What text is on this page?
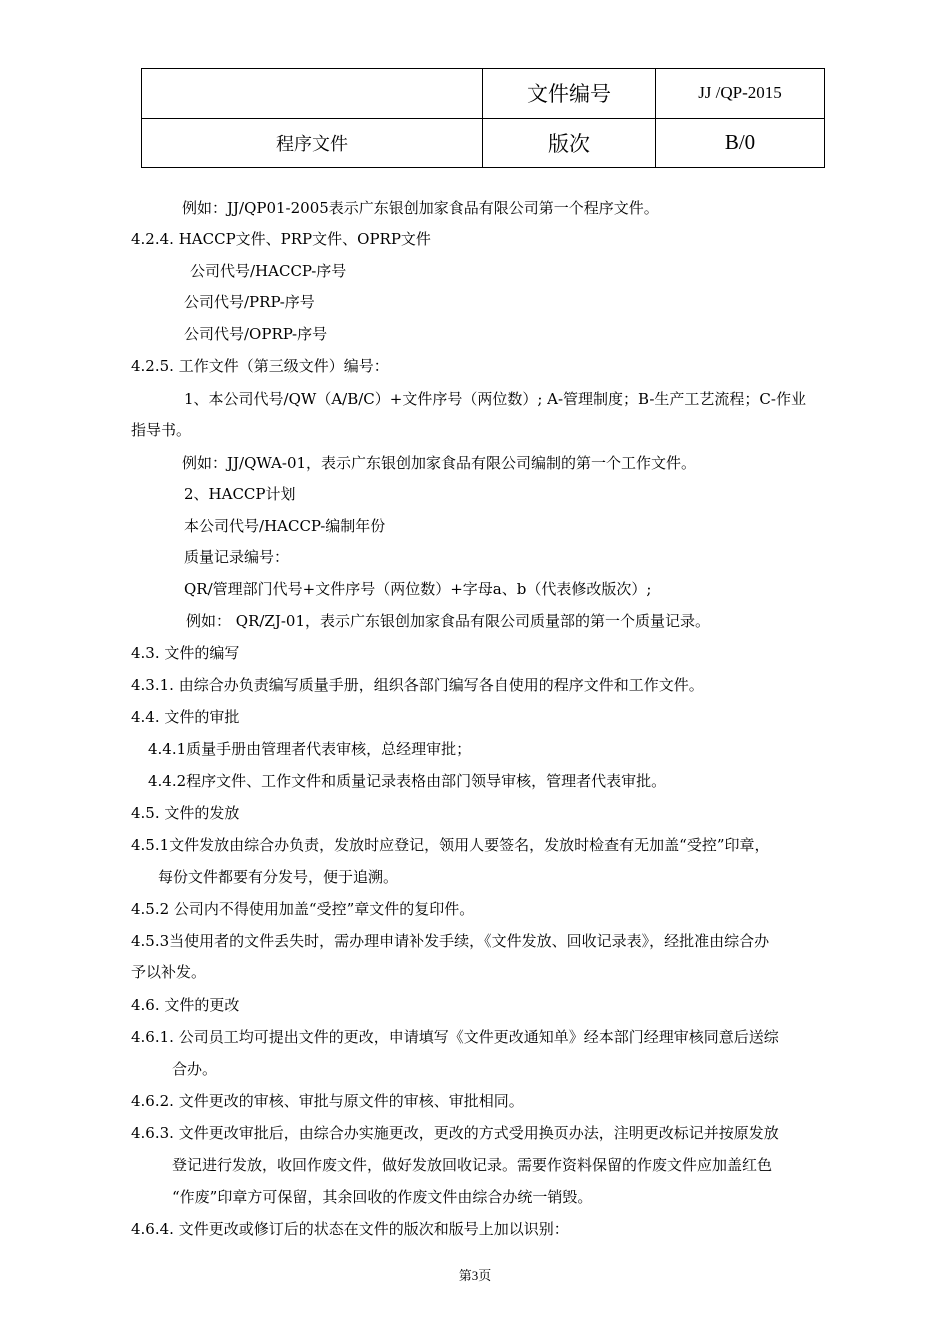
	文件编号	JJ /QP-2015
程序文件	版次	B/0
例如：JJ/QP01-2005表示广东银创加家食品有限公司第一个程序文件。
4.2.4. HACCP文件、PRP文件、OPRP文件
公司代号/HACCP-序号
公司代号/PRP-序号
公司代号/OPRP-序号
4.2.5. 工作文件（第三级文件）编号：
1、本公司代号/QW（A/B/C）+文件序号（两位数）; A-管理制度；B-生产工艺流程；C-作业
指导书。
例如：JJ/QWA-01，表示广东银创加家食品有限公司编制的第一个工作文件。
2、HACCP计划
本公司代号/HACCP-编制年份
质量记录编号：
QR/管理部门代号+文件序号（两位数）+字母a、b（代表修改版次）;
例如： QR/ZJ-01，表示广东银创加家食品有限公司质量部的第一个质量记录。
4.3. 文件的编写
4.3.1. 由综合办负责编写质量手册，组织各部门编写各自使用的程序文件和工作文件。
4.4. 文件的审批
4.4.1质量手册由管理者代表审核，总经理审批；
4.4.2程序文件、工作文件和质量记录表格由部门领导审核，管理者代表审批。
4.5. 文件的发放
4.5.1文件发放由综合办负责，发放时应登记，领用人要签名，发放时检查有无加盖“受控”印章，
每份文件都要有分发号，便于追溯。
4.5.2 公司内不得使用加盖“受控”章文件的复印件。
4.5.3当使用者的文件丢失时，需办理申请补发手续，《文件发放、回收记录表》，经批准由综合办
予以补发。
4.6. 文件的更改
4.6.1. 公司员工均可提出文件的更改，申请填写《文件更改通知单》经本部门经理审核同意后送综
合办。
4.6.2. 文件更改的审核、审批与原文件的审核、审批相同。
4.6.3. 文件更改审批后，由综合办实施更改，更改的方式受用换页办法，注明更改标记并按原发放
登记进行发放，收回作废文件，做好发放回收记录。需要作资料保留的作废文件应加盖红色
“作废”印章方可保留，其余回收的作废文件由综合办统一销毁。
4.6.4. 文件更改或修订后的状态在文件的版次和版号上加以识别：
第3页
